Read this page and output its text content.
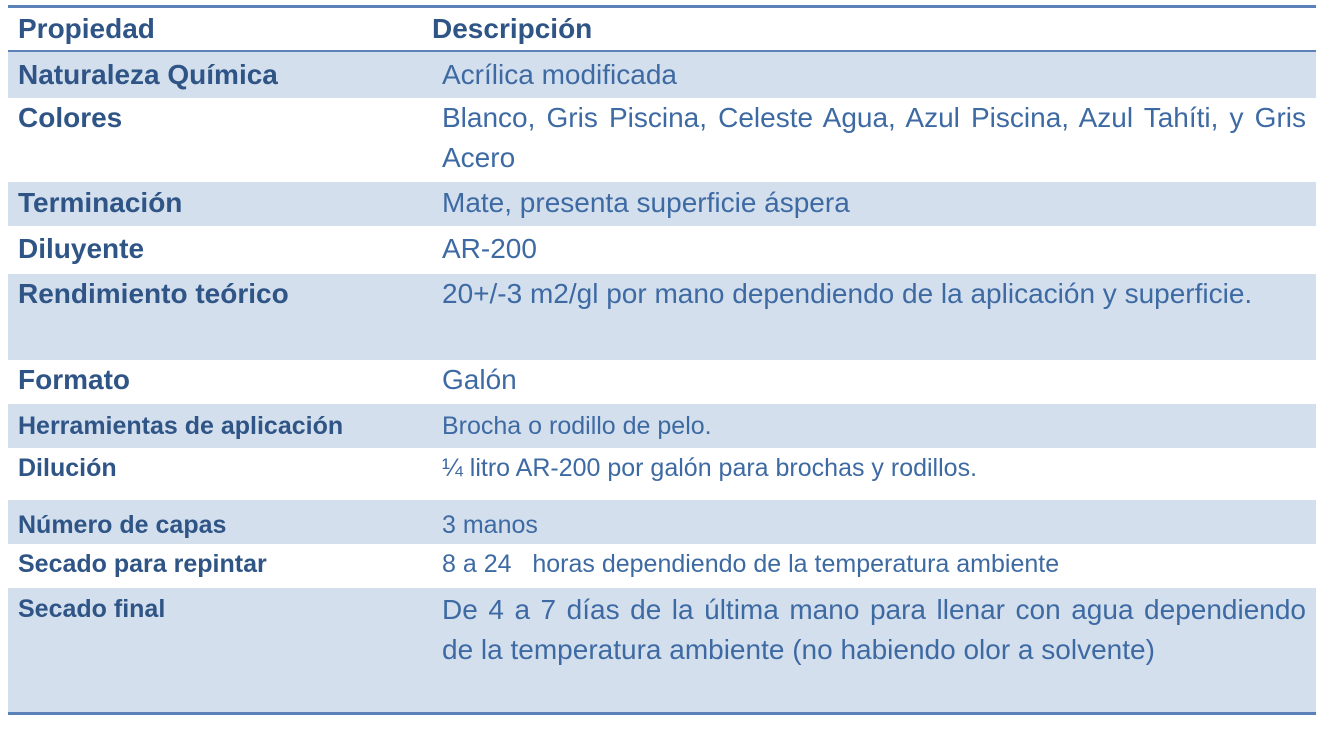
Propiedad	Descripción
Naturaleza Química	Acrílica modificada
Colores	Blanco, Gris Piscina, Celeste Agua, Azul Piscina, Azul Tahíti, y Gris Acero
Terminación	Mate, presenta superficie áspera
Diluyente	AR-200
Rendimiento teórico	20+/-3 m2/gl por mano dependiendo de la aplicación y superficie.
Formato	Galón
Herramientas de aplicación	Brocha o rodillo de pelo.
Dilución	¼ litro AR-200 por galón para brochas y rodillos.
Número de capas	3 manos
Secado para repintar	8 a 24   horas dependiendo de la temperatura ambiente
Secado final	De 4 a 7 días de la última mano para llenar con agua dependiendo de la temperatura ambiente (no habiendo olor a solvente)
